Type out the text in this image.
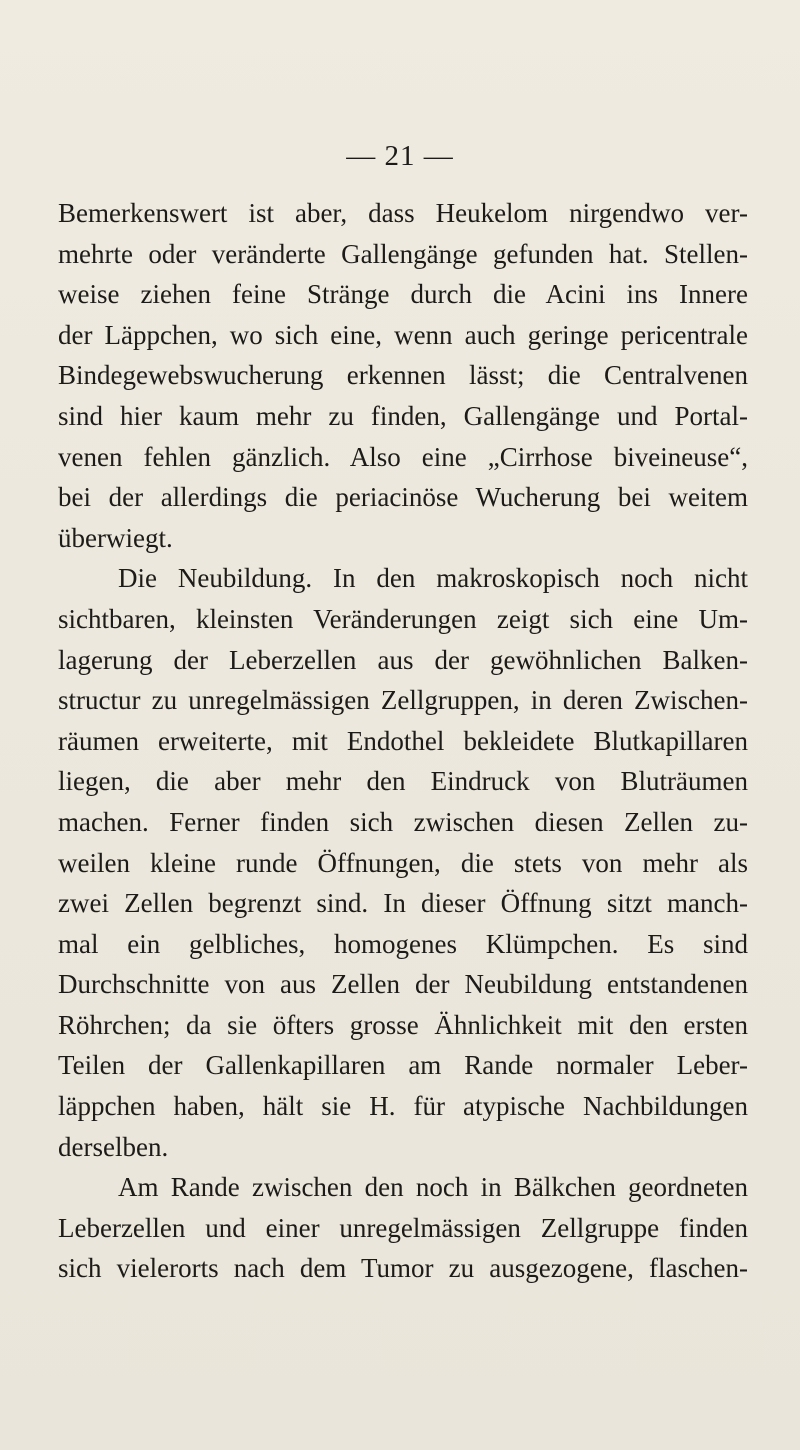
— 21 —
Bemerkenswert ist aber, dass Heukelom nirgendwo ver-
mehrte oder veränderte Gallengänge gefunden hat. Stellen-
weise ziehen feine Stränge durch die Acini ins Innere
der Läppchen, wo sich eine, wenn auch geringe pericentrale
Bindegewebswucherung erkennen lässt; die Centralvenen
sind hier kaum mehr zu finden, Gallengänge und Portal-
venen fehlen gänzlich. Also eine „Cirrhose biveineuse“,
bei der allerdings die periacinöse Wucherung bei weitem
überwiegt.
Die Neubildung. In den makroskopisch noch nicht
sichtbaren, kleinsten Veränderungen zeigt sich eine Um-
lagerung der Leberzellen aus der gewöhnlichen Balken-
structur zu unregelmässigen Zellgruppen, in deren Zwischen-
räumen erweiterte, mit Endothel bekleidete Blutkapillaren
liegen, die aber mehr den Eindruck von Bluträumen
machen. Ferner finden sich zwischen diesen Zellen zu-
weilen kleine runde Öffnungen, die stets von mehr als
zwei Zellen begrenzt sind. In dieser Öffnung sitzt manch-
mal ein gelbliches, homogenes Klümpchen. Es sind
Durchschnitte von aus Zellen der Neubildung entstandenen
Röhrchen; da sie öfters grosse Ähnlichkeit mit den ersten
Teilen der Gallenkapillaren am Rande normaler Leber-
läppchen haben, hält sie H. für atypische Nachbildungen
derselben.
Am Rande zwischen den noch in Bälkchen geordneten
Leberzellen und einer unregelmässigen Zellgruppe finden
sich vielerorts nach dem Tumor zu ausgezogene, flaschen-
